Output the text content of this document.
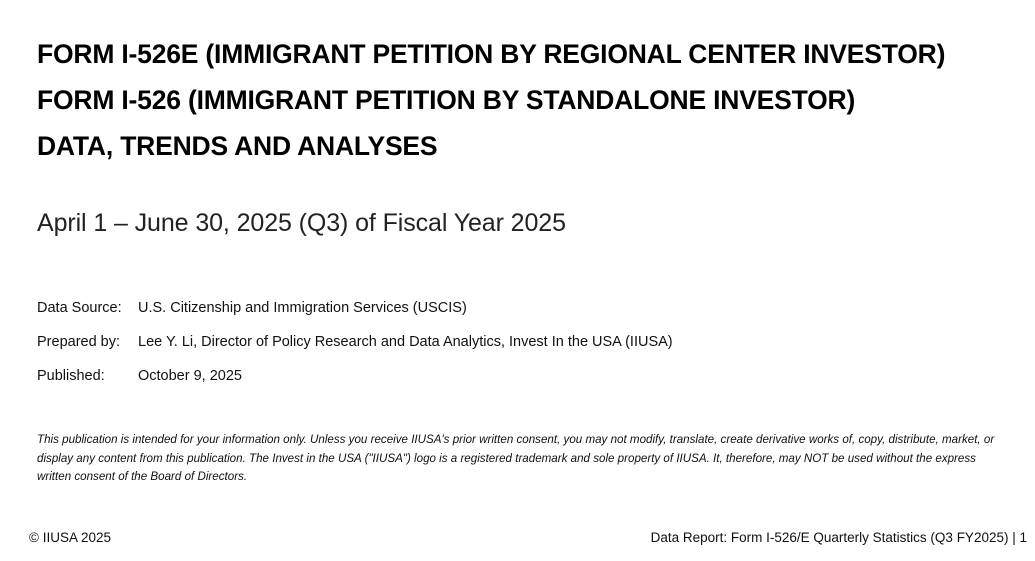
FORM I-526E (IMMIGRANT PETITION BY REGIONAL CENTER INVESTOR)
FORM I-526 (IMMIGRANT PETITION BY STANDALONE INVESTOR)
DATA, TRENDS AND ANALYSES
April 1 – June 30, 2025 (Q3) of Fiscal Year 2025
Data Source:	U.S. Citizenship and Immigration Services (USCIS)
Prepared by:	Lee Y. Li, Director of Policy Research and Data Analytics, Invest In the USA (IIUSA)
Published:	October 9, 2025
This publication is intended for your information only. Unless you receive IIUSA's prior written consent, you may not modify, translate, create derivative works of, copy, distribute, market, or display any content from this publication. The Invest in the USA ("IIUSA") logo is a registered trademark and sole property of IIUSA. It, therefore, may NOT be used without the express written consent of the Board of Directors.
© IIUSA 2025	Data Report: Form I-526/E Quarterly Statistics (Q3 FY2025) | 1
